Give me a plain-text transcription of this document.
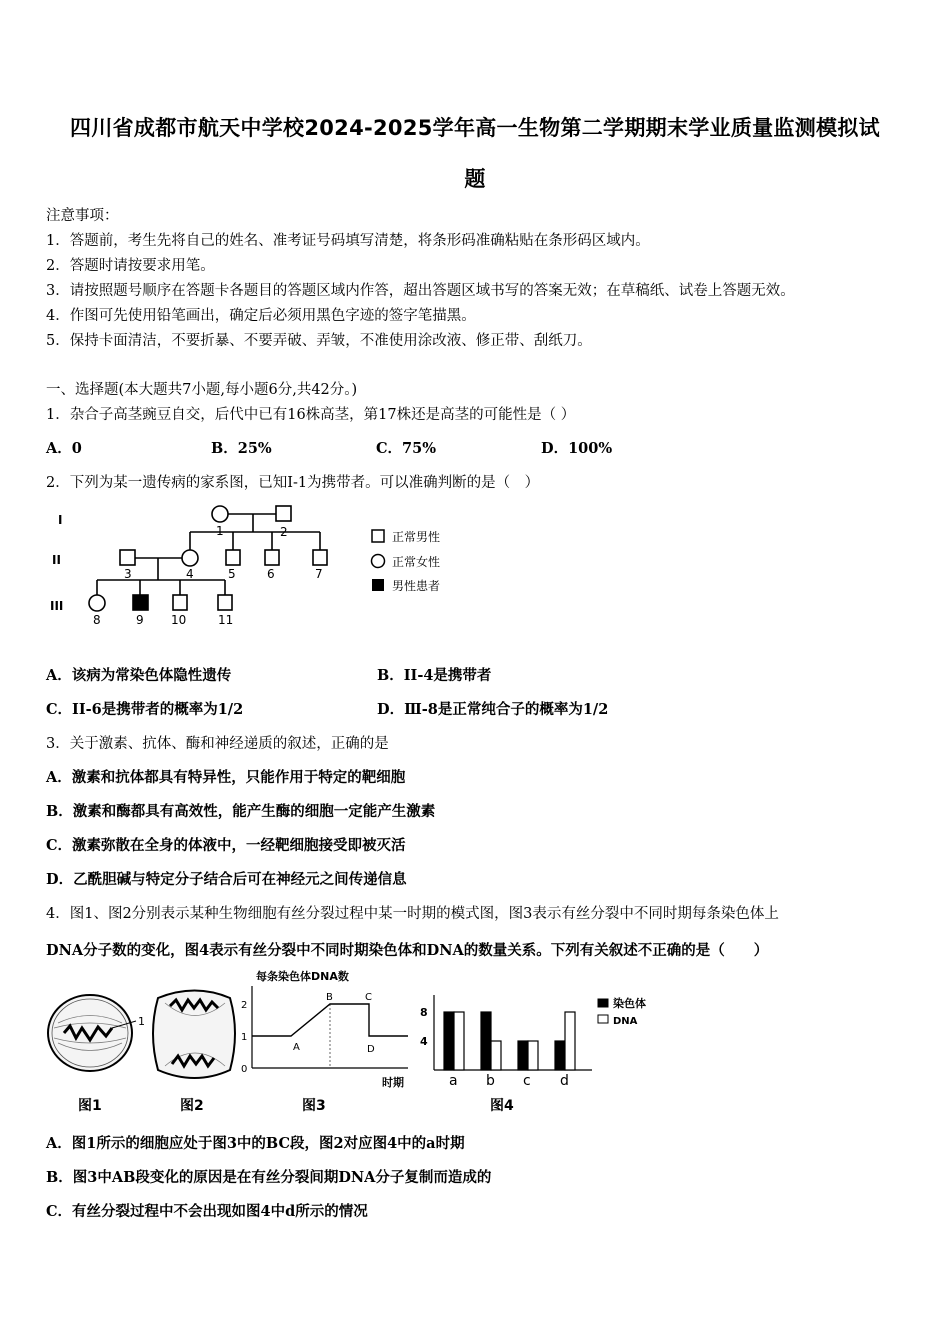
四川省成都市航天中学校2024-2025学年高一生物第二学期期末学业质量监测模拟试
题
注意事项：
1．答题前，考生先将自己的姓名、准考证号码填写清楚，将条形码准确粘贴在条形码区域内。
2．答题时请按要求用笔。
3．请按照题号顺序在答题卡各题目的答题区域内作答，超出答题区域书写的答案无效；在草稿纸、试卷上答题无效。
4．作图可先使用铅笔画出，确定后必须用黑色字迹的签字笔描黑。
5．保持卡面清洁，不要折暴、不要弄破、弄皱，不准使用涂改液、修正带、刮纸刀。
一、选择题(本大题共7小题,每小题6分,共42分。)
1．杂合子高茎豌豆自交，后代中已有16株高茎，第17株还是高茎的可能性是（ ）
A．0	B．25%	C．75%	D．100%
2．下列为某一遗传病的家系图，已知I-1为携带者。可以准确判断的是（　）
I
II
III
1	2
3	4	5	6	7
8	9 10	11
正常男性
正常女性
男性患者
A．该病为常染色体隐性遗传	B．II-4是携带者
C．II-6是携带者的概率为1/2	D．Ⅲ-8是正常纯合子的概率为1/2
3．关于激素、抗体、酶和神经递质的叙述，正确的是
A．激素和抗体都具有特异性，只能作用于特定的靶细胞
B．激素和酶都具有高效性，能产生酶的细胞一定能产生激素
C．激素弥散在全身的体液中，一经靶细胞接受即被灭活
D．乙酰胆碱与特定分子结合后可在神经元之间传递信息
4．图1、图2分别表示某种生物细胞有丝分裂过程中某一时期的模式图，图3表示有丝分裂中不同时期每条染色体上
DNA分子数的变化，图4表示有丝分裂中不同时期染色体和DNA的数量关系。下列有关叙述不正确的是（　　）
1
图1	图2
每条染色体DNA数
0
1
2
A
B	C
D
时期
图3
4
8
a b c d
染色体
DNA
图4
A．图1所示的细胞应处于图3中的BC段，图2对应图4中的a时期
B．图3中AB段变化的原因是在有丝分裂间期DNA分子复制而造成的
C．有丝分裂过程中不会出现如图4中d所示的情况
